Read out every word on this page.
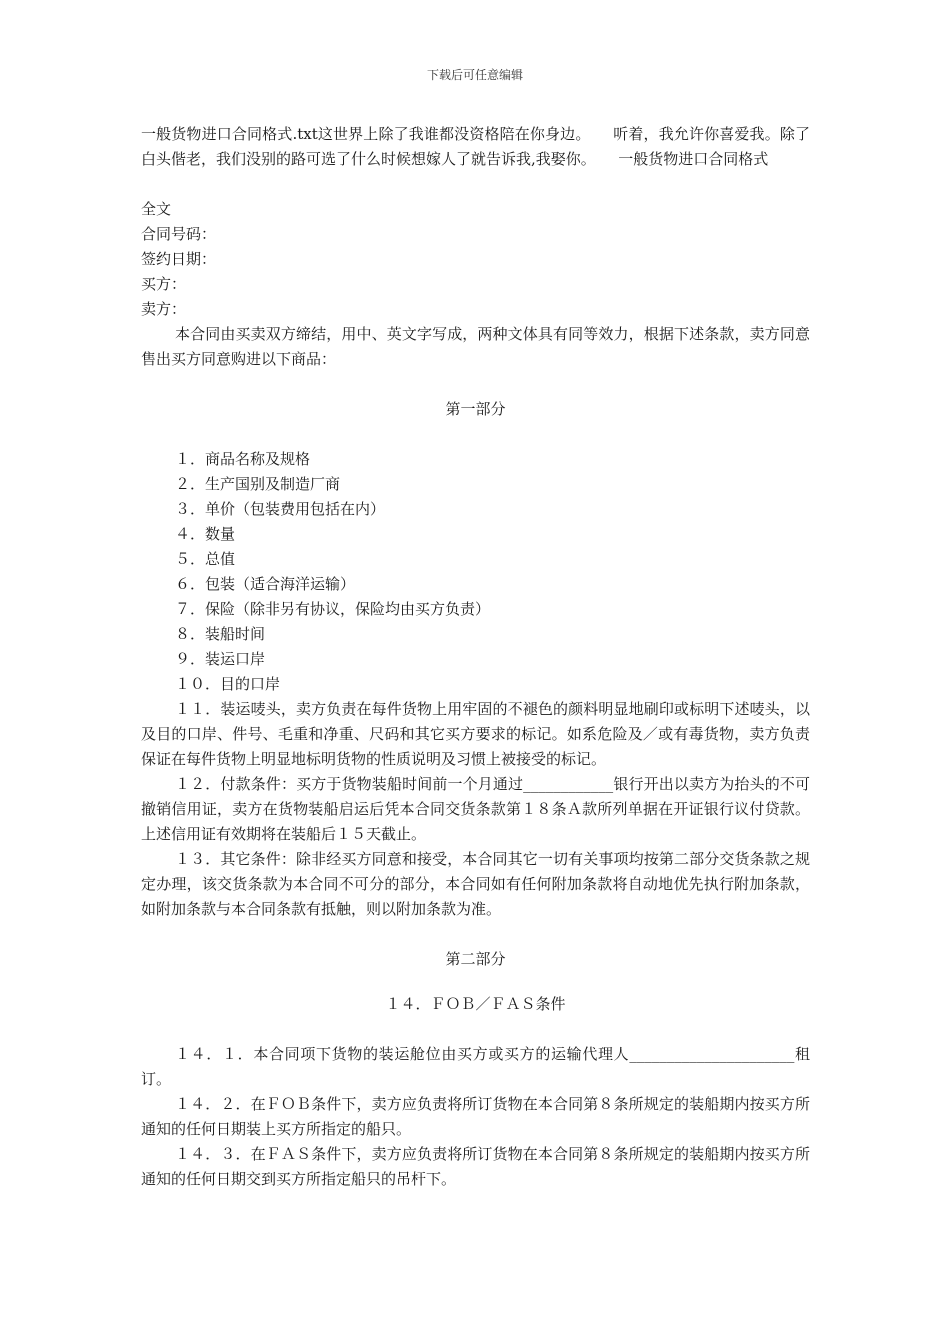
下载后可任意编辑

一般货物进口合同格式.txt这世界上除了我谁都没资格陪在你身边。　　听着，我允许你喜爱我。除了白头偕老，我们没别的路可选了什么时候想嫁人了就告诉我,我娶你。　　一般货物进口合同格式

全文

合同号码：

签约日期：

买方：

卖方：

本合同由买卖双方缔结，用中、英文字写成，两种文体具有同等效力，根据下述条款，卖方同意售出买方同意购进以下商品：

第一部分

１．商品名称及规格

２．生产国别及制造厂商

３．单价（包装费用包括在内）

４．数量

５．总值

６．包装（适合海洋运输）

７．保险（除非另有协议，保险均由买方负责）

８．装船时间

９．装运口岸

１０．目的口岸

１１．装运唛头，卖方负责在每件货物上用牢固的不褪色的颜料明显地刷印或标明下述唛头，以及目的口岸、件号、毛重和净重、尺码和其它买方要求的标记。如系危险及／或有毒货物，卖方负责保证在每件货物上明显地标明货物的性质说明及习惯上被接受的标记。

１２．付款条件：买方于货物装船时间前一个月通过____________银行开出以卖方为抬头的不可撤销信用证，卖方在货物装船启运后凭本合同交货条款第１８条Ａ款所列单据在开证银行议付贷款。上述信用证有效期将在装船后１５天截止。

１３．其它条件：除非经买方同意和接受，本合同其它一切有关事项均按第二部分交货条款之规定办理，该交货条款为本合同不可分的部分，本合同如有任何附加条款将自动地优先执行附加条款，如附加条款与本合同条款有抵触，则以附加条款为准。

第二部分

１４．ＦＯＢ／ＦＡＳ条件

１４．１．本合同项下货物的装运舱位由买方或买方的运输代理人______________________租订。

１４．２．在ＦＯＢ条件下，卖方应负责将所订货物在本合同第８条所规定的装船期内按买方所通知的任何日期装上买方所指定的船只。

１４．３．在ＦＡＳ条件下，卖方应负责将所订货物在本合同第８条所规定的装船期内按买方所通知的任何日期交到买方所指定船只的吊杆下。
